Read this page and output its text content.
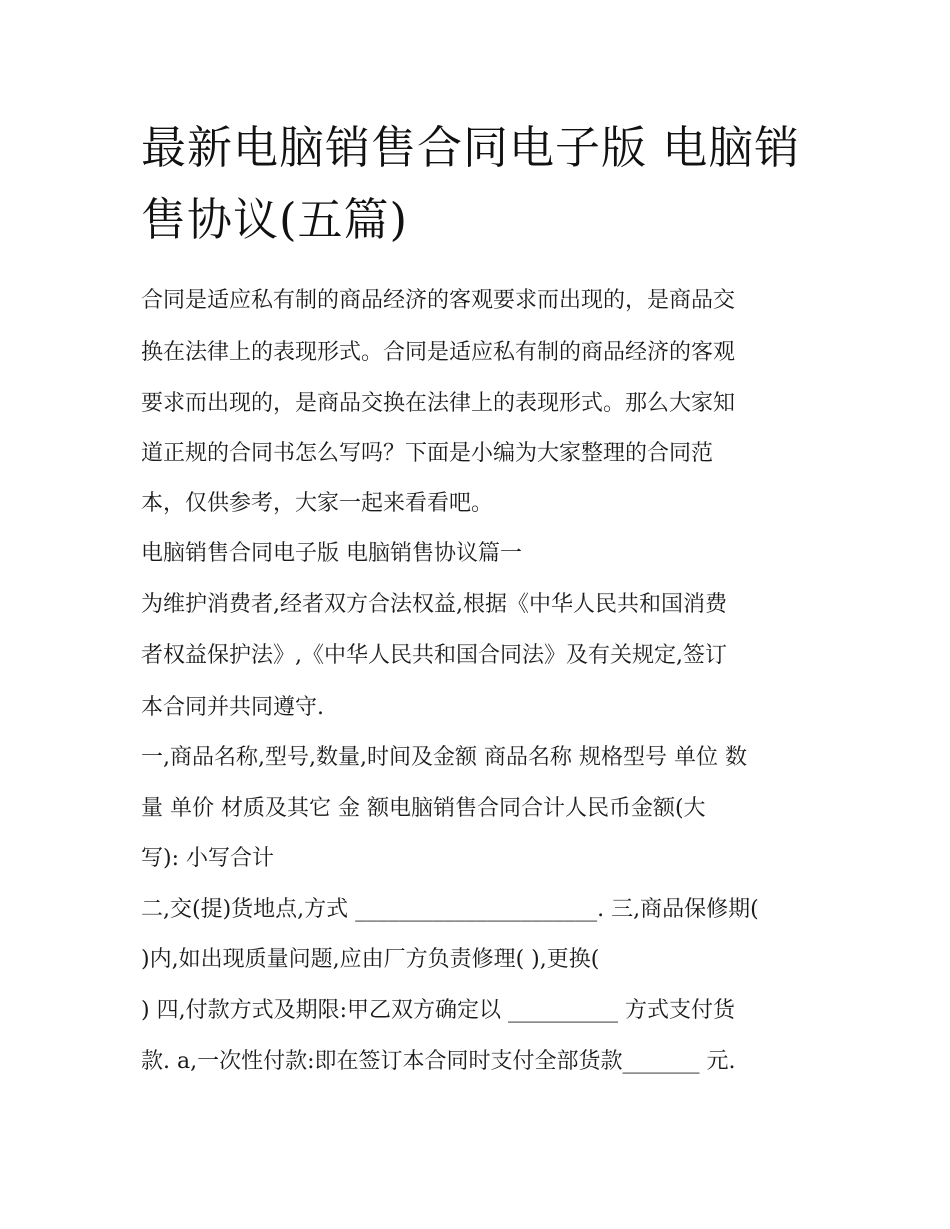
最新电脑销售合同电子版 电脑销售协议(五篇)

合同是适应私有制的商品经济的客观要求而出现的，是商品交

换在法律上的表现形式。合同是适应私有制的商品经济的客观

要求而出现的，是商品交换在法律上的表现形式。那么大家知

道正规的合同书怎么写吗？下面是小编为大家整理的合同范

本，仅供参考，大家一起来看看吧。

电脑销售合同电子版 电脑销售协议篇一

为维护消费者,经者双方合法权益,根据《中华人民共和国消费

者权益保护法》,《中华人民共和国合同法》及有关规定,签订

本合同并共同遵守.

一,商品名称,型号,数量,时间及金额 商品名称 规格型号 单位 数

量 单价 材质及其它 金 额电脑销售合同合计人民币金额(大

写): 小写合计

二,交(提)货地点,方式 ______________________. 三,商品保修期(

)内,如出现质量问题,应由厂方负责修理( ),更换(

) 四,付款方式及期限:甲乙双方确定以 __________ 方式支付货

款. a,一次性付款:即在签订本合同时支付全部货款_______ 元.
